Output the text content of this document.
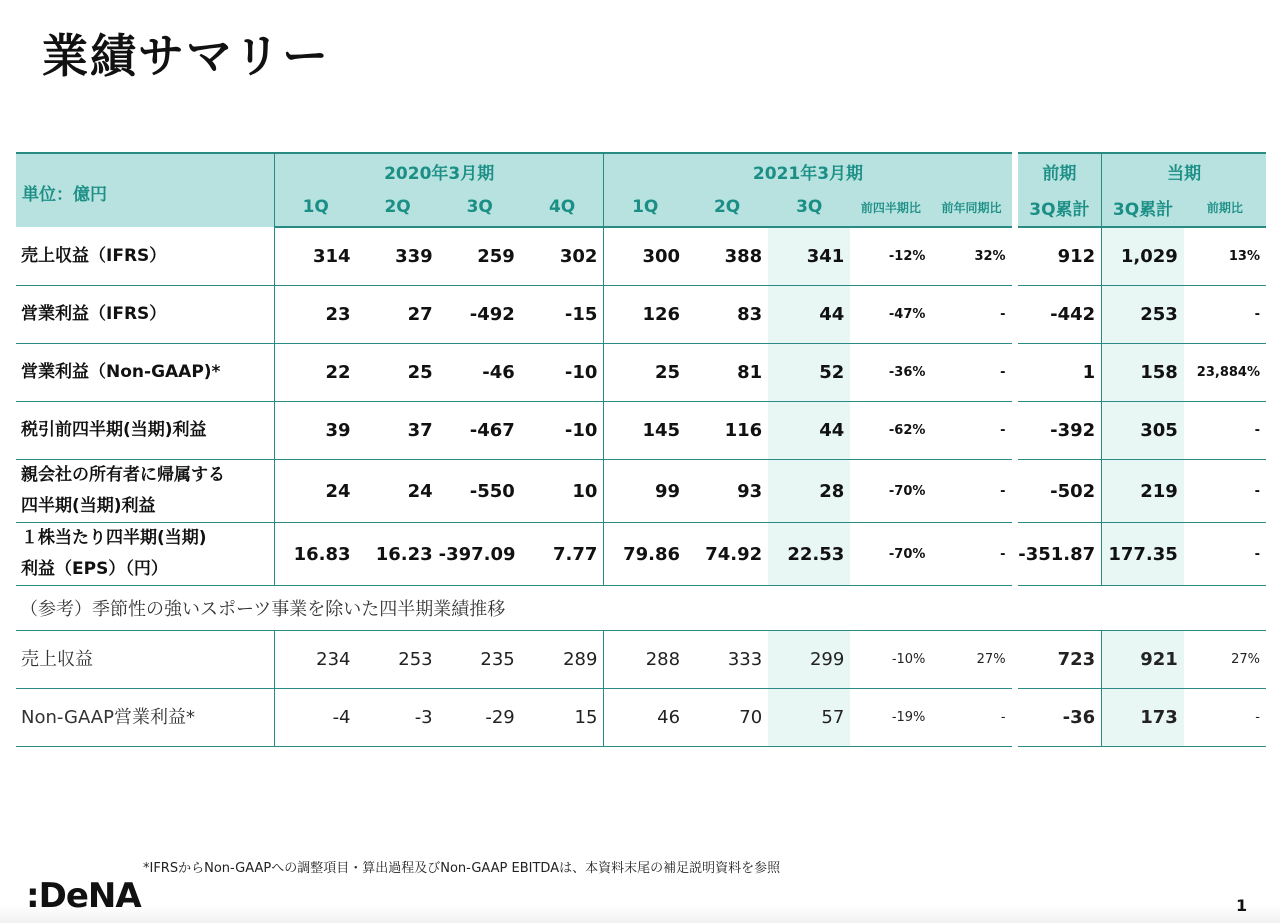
業績サマリー
単位：億円	2020年3月期				2021年3月期						前期	当期	
	1Q	2Q	3Q	4Q	1Q	2Q	3Q	前四半期比	前年同期比		3Q累計	3Q累計	前期比
売上収益（IFRS）	314	339	259	302	300	388	341	-12%	32%		912	1,029	13%
営業利益（IFRS）	23	27	-492	-15	126	83	44	-47%	-		-442	253	-
営業利益（Non-GAAP)*	22	25	-46	-10	25	81	52	-36%	-		1	158	23,884%
税引前四半期(当期)利益	39	37	-467	-10	145	116	44	-62%	-		-392	305	-
親会社の所有者に帰属する
四半期(当期)利益	24	24	-550	10	99	93	28	-70%	-		-502	219	-
１株当たり四半期(当期)
利益（EPS）（円）	16.83	16.23	-397.09	7.77	79.86	74.92	22.53	-70%	-		-351.87	177.35	-
（参考）季節性の強いスポーツ事業を除いた四半期業績推移													
売上収益	234	253	235	289	288	333	299	-10%	27%		723	921	27%
Non-GAAP営業利益*	-4	-3	-29	15	46	70	57	-19%	-		-36	173	-
*IFRSからNon-GAAPへの調整項目・算出過程及びNon-GAAP EBITDAは、本資料末尾の補足説明資料を参照
:DeNA	1
